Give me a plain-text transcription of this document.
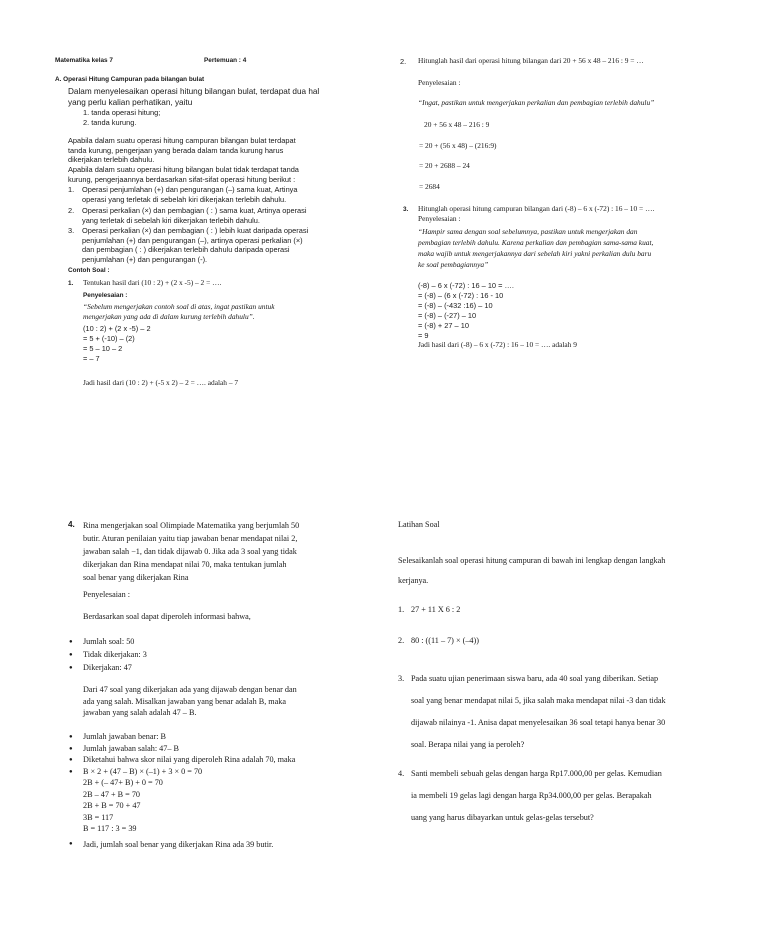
Matematika kelas 7	Pertemuan : 4
A. Operasi Hitung Campuran pada bilangan bulat
Dalam menyelesaikan operasi hitung bilangan bulat, terdapat dua hal
yang perlu kalian perhatikan, yaitu
1. tanda operasi hitung;
2. tanda kurung.
Apabila dalam suatu operasi hitung campuran bilangan bulat terdapat
tanda kurung, pengerjaan yang berada dalam tanda kurung harus
dikerjakan terlebih dahulu.
Apabila dalam suatu operasi hitung bilangan bulat tidak terdapat tanda
kurung, pengerjaannya berdasarkan sifat-sifat operasi hitung berikut :
1. Operasi penjumlahan (+) dan pengurangan (–) sama kuat, Artinya
operasi yang terletak di sebelah kiri dikerjakan terlebih dahulu.
2. Operasi perkalian (×) dan pembagian ( : ) sama kuat, Artinya operasi
yang terletak di sebelah kiri dikerjakan terlebih dahulu.
3. Operasi perkalian (×) dan pembagian ( : ) lebih kuat daripada operasi
penjumlahan (+) dan pengurangan (–), artinya operasi perkalian (×)
dan pembagian ( : ) dikerjakan terlebih dahulu daripada operasi
penjumlahan (+) dan pengurangan (-).
Contoh Soal :
1. Tentukan hasil dari (10 : 2) + (2 x -5) – 2 = ….
Penyelesaian :
“Sebelum mengerjakan contoh soal di atas, ingat pastikan untuk
mengerjakan yang ada di dalam kurung terlebih dahulu”.
(10 : 2) + (2 x -5) – 2
= 5 + (-10) – (2)
= 5 – 10 – 2
= – 7
Jadi hasil dari (10 : 2) + (-5 x 2) – 2 = …. adalah – 7
2. Hitunglah hasil dari operasi hitung bilangan dari 20 + 56 x 48 – 216 : 9 = …
Penyelesaian :
“Ingat, pastikan untuk mengerjakan perkalian dan pembagian terlebih dahulu”
20 + 56 x 48 – 216 : 9
= 20 + (56 x 48) – (216:9)
= 20 + 2688 – 24
= 2684
3. Hitunglah operasi hitung campuran bilangan dari (-8) – 6 x (-72) : 16 – 10 = ….
Penyelesaian :
“Hampir sama dengan soal sebelumnya, pastikan untuk mengerjakan dan
pembagian terlebih dahulu. Karena perkalian dan pembagian sama-sama kuat,
maka wajib untuk mengerjakannya dari sebelah kiri yakni perkalian dulu baru
ke soal pembagiannya”
(-8) – 6 x (-72) : 16 – 10 = ….
= (-8) – (6 x (-72) : 16 - 10
= (-8) – (-432 :16) – 10
= (-8) – (-27) – 10
= (-8) + 27 – 10
= 9
Jadi hasil dari (-8) – 6 x (-72) : 16 – 10 = …. adalah 9
4. Rina mengerjakan soal Olimpiade Matematika yang berjumlah 50
butir. Aturan penilaian yaitu tiap jawaban benar mendapat nilai 2,
jawaban salah −1, dan tidak dijawab 0. Jika ada 3 soal yang tidak
dikerjakan dan Rina mendapat nilai 70, maka tentukan jumlah
soal benar yang dikerjakan Rina
Penyelesaian :
Berdasarkan soal dapat diperoleh informasi bahwa,
● Jumlah soal: 50
● Tidak dikerjakan: 3
● Dikerjakan: 47
Dari 47 soal yang dikerjakan ada yang dijawab dengan benar dan
ada yang salah. Misalkan jawaban yang benar adalah B, maka
jawaban yang salah adalah 47 – B.
● Jumlah jawaban benar: B
● Jumlah jawaban salah: 47– B
● Diketahui bahwa skor nilai yang diperoleh Rina adalah 70, maka
● B × 2 + (47 – B) × (–1) + 3 × 0 = 70
2B + (– 47+ B) + 0 = 70
2B – 47 + B = 70
2B + B = 70 + 47
3B = 117
B = 117 : 3 = 39
● Jadi, jumlah soal benar yang dikerjakan Rina ada 39 butir.
Latihan Soal
Selesaikanlah soal operasi hitung campuran di bawah ini lengkap dengan langkah
kerjanya.
1. 27 + 11 X 6 : 2
2. 80 : ((11 – 7) × (–4))
3. Pada suatu ujian penerimaan siswa baru, ada 40 soal yang diberikan. Setiap
soal yang benar mendapat nilai 5, jika salah maka mendapat nilai -3 dan tidak
dijawab nilainya -1. Anisa dapat menyelesaikan 36 soal tetapi hanya benar 30
soal. Berapa nilai yang ia peroleh?
4. Santi membeli sebuah gelas dengan harga Rp17.000,00 per gelas. Kemudian
ia membeli 19 gelas lagi dengan harga Rp34.000,00 per gelas. Berapakah
uang yang harus dibayarkan untuk gelas-gelas tersebut?
